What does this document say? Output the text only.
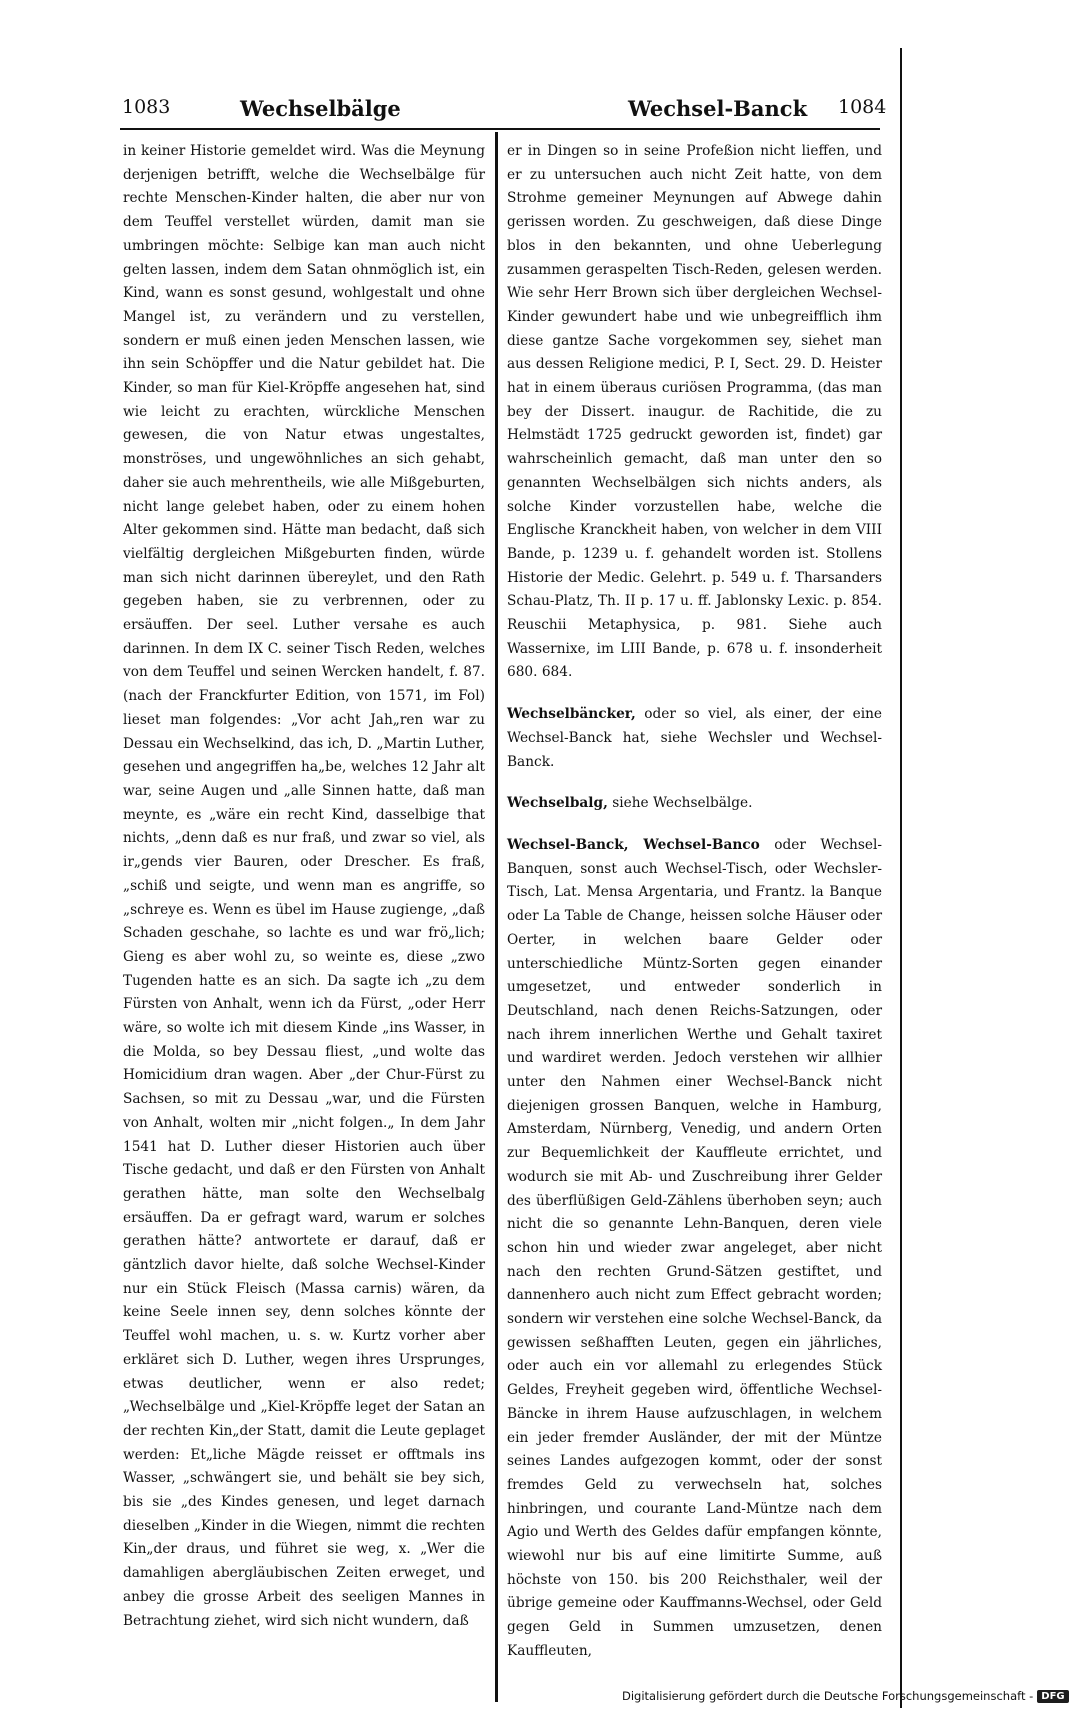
1083	Wechselbälge	Wechsel-Banck 1084

in keiner Historie gemeldet wird. Was die Meynung derjenigen betrifft, welche die Wechselbälge für rechte Menschen-Kinder halten, die aber nur von dem Teuffel verstellet würden, damit man sie umbringen möchte: Selbige kan man auch nicht gelten lassen, indem dem Satan ohnmöglich ist, ein Kind, wann es sonst gesund, wohlgestalt und ohne Mangel ist, zu verändern und zu verstellen, sondern er muß einen jeden Menschen lassen, wie ihn sein Schöpffer und die Natur gebildet hat. Die Kinder, so man für Kiel-Kröpffe angesehen hat, sind wie leicht zu erachten, würckliche Menschen gewesen, die von Natur etwas ungestaltes, monströses, und ungewöhnliches an sich gehabt, daher sie auch mehrentheils, wie alle Mißgeburten, nicht lange gelebet haben, oder zu einem hohen Alter gekommen sind. Hätte man bedacht, daß sich vielfältig dergleichen Mißgeburten finden, würde man sich nicht darinnen übereylet, und den Rath gegeben haben, sie zu verbrennen, oder zu ersäuffen. Der seel. Luther versahe es auch darinnen. In dem IX C. seiner Tisch Reden, welches von dem Teuffel und seinen Wercken handelt, f. 87. (nach der Franckfurter Edition, von 1571, im Fol) lieset man folgendes: „Vor acht Jah„ren war zu Dessau ein Wechselkind, das ich, D. „Martin Luther, gesehen und angegriffen ha„be, welches 12 Jahr alt war, seine Augen und „alle Sinnen hatte, daß man meynte, es „wäre ein recht Kind, dasselbige that nichts, „denn daß es nur fraß, und zwar so viel, als ir„gends vier Bauren, oder Drescher. Es fraß, „schiß und seigte, und wenn man es angriffe, so „schreye es. Wenn es übel im Hause zugienge, „daß Schaden geschahe, so lachte es und war frö„lich; Gieng es aber wohl zu, so weinte es, diese „zwo Tugenden hatte es an sich. Da sagte ich „zu dem Fürsten von Anhalt, wenn ich da Fürst, „oder Herr wäre, so wolte ich mit diesem Kinde „ins Wasser, in die Molda, so bey Dessau fliest, „und wolte das Homicidium dran wagen. Aber „der Chur-Fürst zu Sachsen, so mit zu Dessau „war, und die Fürsten von Anhalt, wolten mir „nicht folgen.„ In dem Jahr 1541 hat D. Luther dieser Historien auch über Tische gedacht, und daß er den Fürsten von Anhalt gerathen hätte, man solte den Wechselbalg ersäuffen. Da er gefragt ward, warum er solches gerathen hätte? antwortete er darauf, daß er gäntzlich davor hielte, daß solche Wechsel-Kinder nur ein Stück Fleisch (Massa carnis) wären, da keine Seele innen sey, denn solches könnte der Teuffel wohl machen, u. s. w. Kurtz vorher aber erkläret sich D. Luther, wegen ihres Ursprunges, etwas deutlicher, wenn er also redet; „Wechselbälge und „Kiel-Kröpffe leget der Satan an der rechten Kin„der Statt, damit die Leute geplaget werden: Et„liche Mägde reisset er offtmals ins Wasser, „schwängert sie, und behält sie bey sich, bis sie „des Kindes genesen, und leget darnach dieselben „Kinder in die Wiegen, nimmt die rechten Kin„der draus, und führet sie weg, x. „Wer die damahligen abergläubischen Zeiten erweget, und anbey die grosse Arbeit des seeligen Mannes in Betrachtung ziehet, wird sich nicht wundern, daß

er in Dingen so in seine Profeßion nicht lieffen, und er zu untersuchen auch nicht Zeit hatte, von dem Strohme gemeiner Meynungen auf Abwege dahin gerissen worden. Zu geschweigen, daß diese Dinge blos in den bekannten, und ohne Ueberlegung zusammen geraspelten Tisch-Reden, gelesen werden. Wie sehr Herr Brown sich über dergleichen Wechsel-Kinder gewundert habe und wie unbegreifflich ihm diese gantze Sache vorgekommen sey, siehet man aus dessen Religione medici, P. I, Sect. 29. D. Heister hat in einem überaus curiösen Programma, (das man bey der Dissert. inaugur. de Rachitide, die zu Helmstädt 1725 gedruckt geworden ist, findet) gar wahrscheinlich gemacht, daß man unter den so genannten Wechselbälgen sich nichts anders, als solche Kinder vorzustellen habe, welche die Englische Kranckheit haben, von welcher in dem VIII Bande, p. 1239 u. f. gehandelt worden ist. Stollens Historie der Medic. Gelehrt. p. 549 u. f. Tharsanders Schau-Platz, Th. II p. 17 u. ff. Jablonsky Lexic. p. 854. Reuschii Metaphysica, p. 981. Siehe auch Wassernixe, im LIII Bande, p. 678 u. f. insonderheit 680. 684.

Wechselbäncker, oder so viel, als einer, der eine Wechsel-Banck hat, siehe Wechsler und Wechsel-Banck.

Wechselbalg, siehe Wechselbälge.

Wechsel-Banck, Wechsel-Banco oder Wechsel-Banquen, sonst auch Wechsel-Tisch, oder Wechsler-Tisch, Lat. Mensa Argentaria, und Frantz. la Banque oder La Table de Change, heissen solche Häuser oder Oerter, in welchen baare Gelder oder unterschiedliche Müntz-Sorten gegen einander umgesetzet, und entweder sonderlich in Deutschland, nach denen Reichs-Satzungen, oder nach ihrem innerlichen Werthe und Gehalt taxiret und wardiret werden. Jedoch verstehen wir allhier unter den Nahmen einer Wechsel-Banck nicht diejenigen grossen Banquen, welche in Hamburg, Amsterdam, Nürnberg, Venedig, und andern Orten zur Bequemlichkeit der Kauffleute errichtet, und wodurch sie mit Ab- und Zuschreibung ihrer Gelder des überflüßigen Geld-Zählens überhoben seyn; auch nicht die so genannte Lehn-Banquen, deren viele schon hin und wieder zwar angeleget, aber nicht nach den rechten Grund-Sätzen gestiftet, und dannenhero auch nicht zum Effect gebracht worden; sondern wir verstehen eine solche Wechsel-Banck, da gewissen seßhafften Leuten, gegen ein jährliches, oder auch ein vor allemahl zu erlegendes Stück Geldes, Freyheit gegeben wird, öffentliche Wechsel-Bäncke in ihrem Hause aufzuschlagen, in welchem ein jeder fremder Ausländer, der mit der Müntze seines Landes aufgezogen kommt, oder der sonst fremdes Geld zu verwechseln hat, solches hinbringen, und courante Land-Müntze nach dem Agio und Werth des Geldes dafür empfangen könnte, wiewohl nur bis auf eine limitirte Summe, auß höchste von 150. bis 200 Reichsthaler, weil der übrige gemeine oder Kauffmanns-Wechsel, oder Geld gegen Geld in Summen umzusetzen, denen Kauffleuten,

Digitalisierung gefördert durch die Deutsche Forschungsgemeinschaft - DFG
